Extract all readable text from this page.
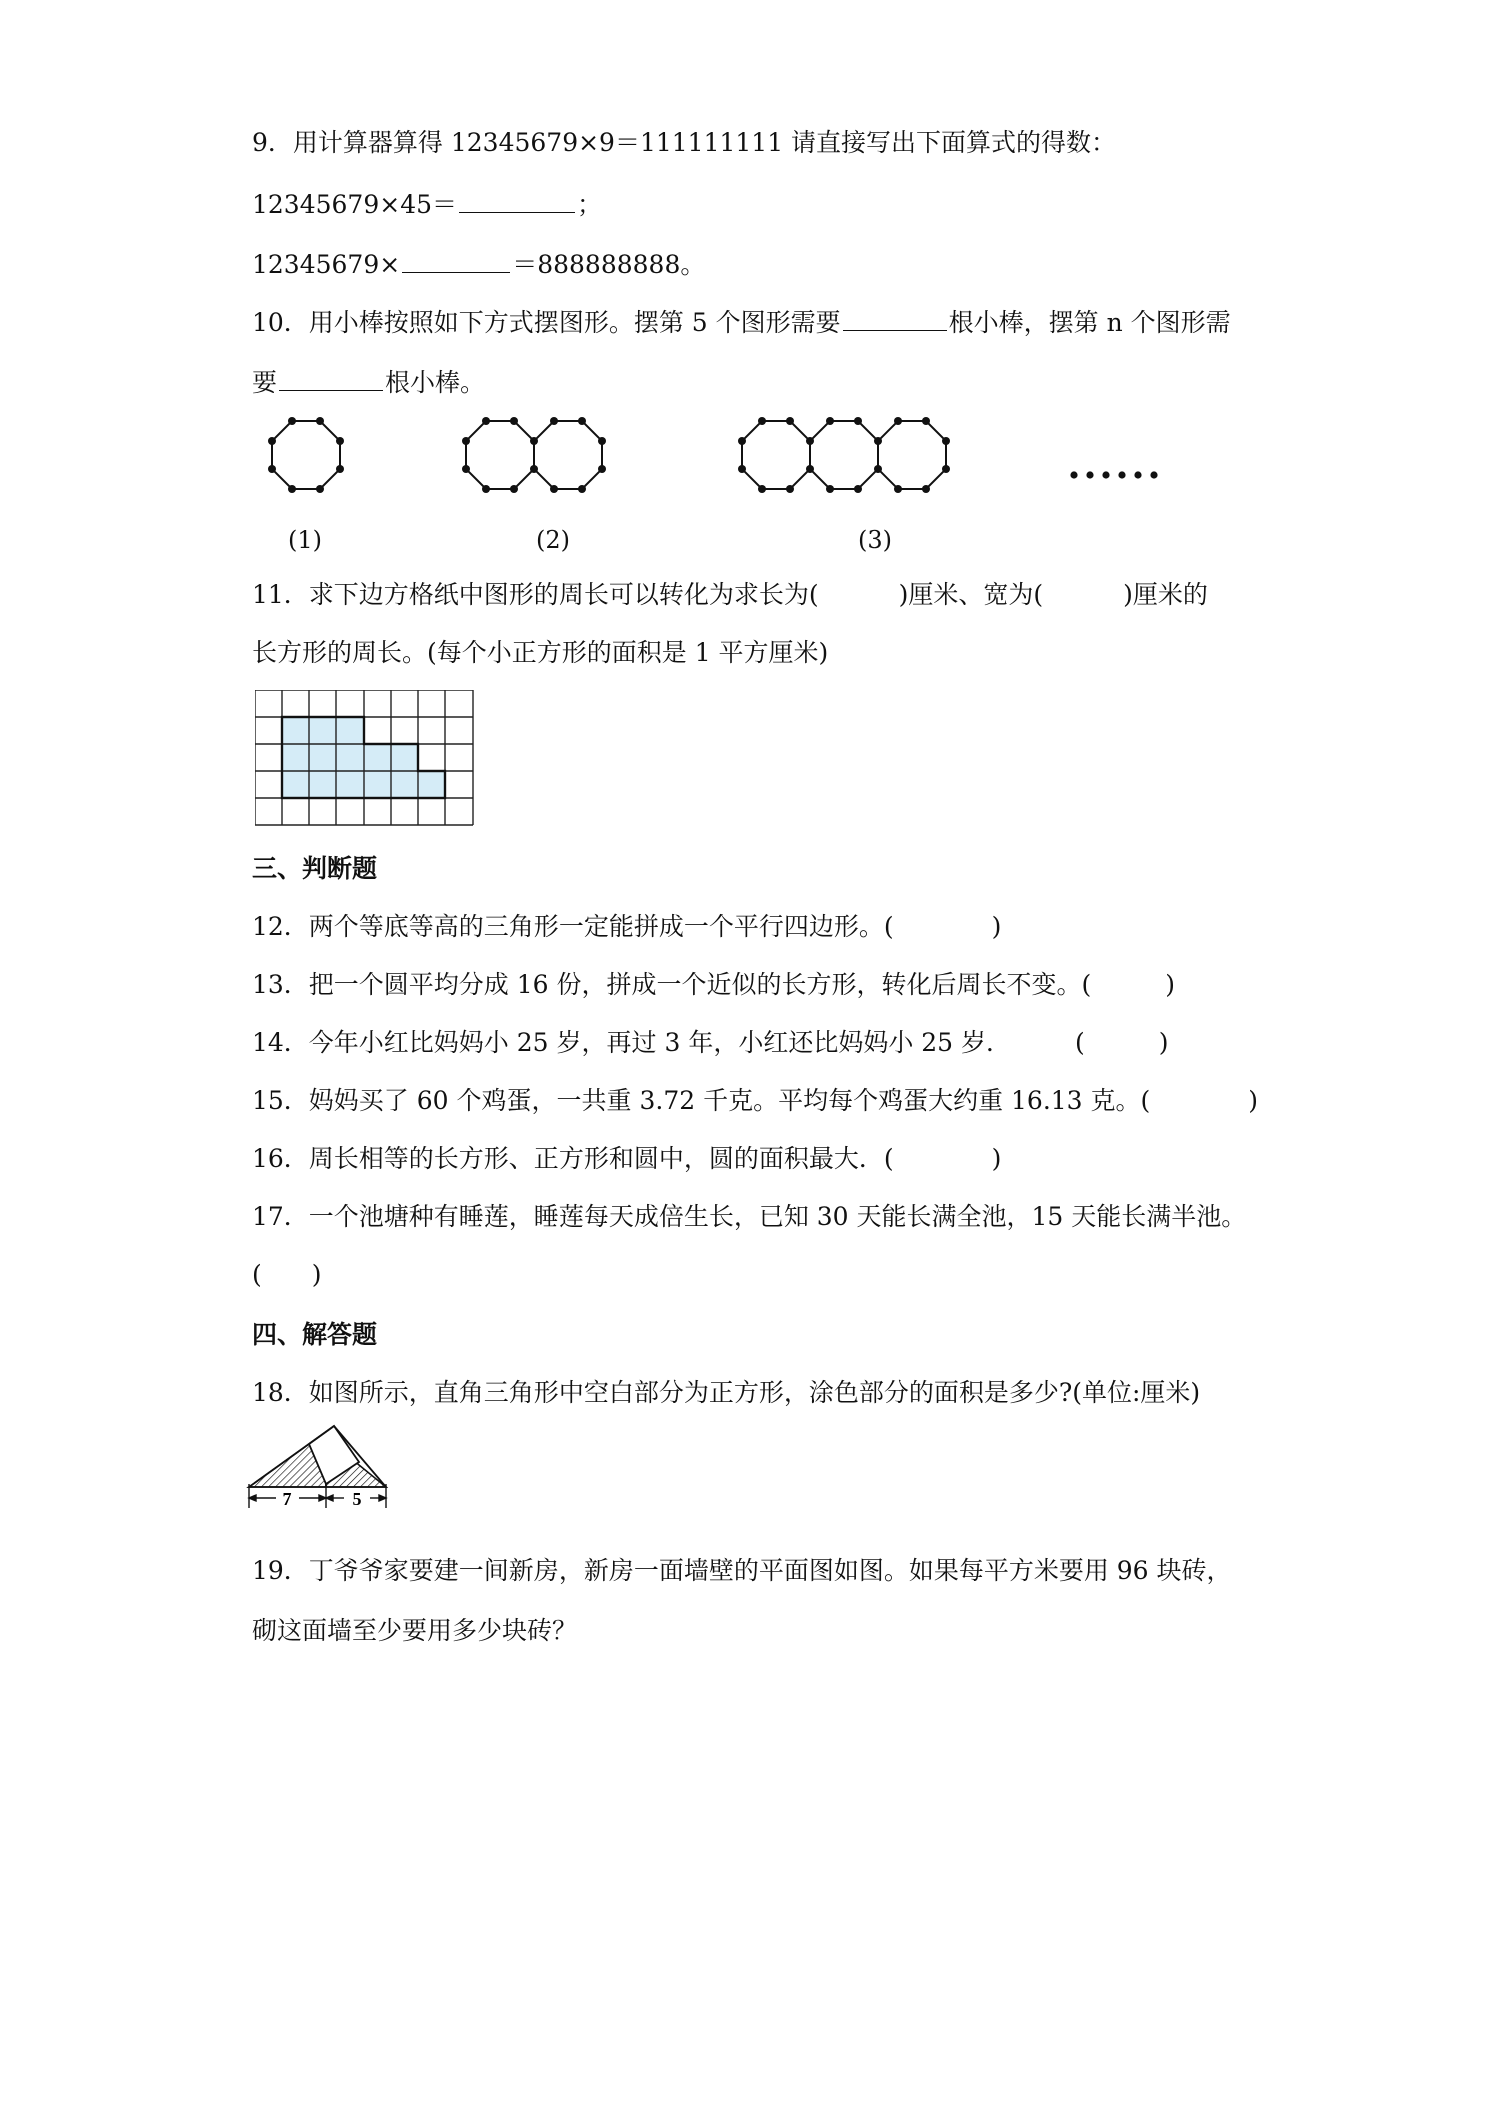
9．用计算器算得 12345679×9＝111111111 请直接写出下面算式的得数：
12345679×45＝	；
12345679×	＝888888888。
10．用小棒按照如下方式摆图形。摆第 5 个图形需要	根小棒，摆第 n 个图形需
要	根小棒。
(1)	(2)	(3)
11．求下边方格纸中图形的周长可以转化为求长为(	)厘米、宽为(	)厘米的
长方形的周长。(每个小正方形的面积是 1 平方厘米)
三、判断题
12．两个等底等高的三角形一定能拼成一个平行四边形。(	)
13．把一个圆平均分成 16 份，拼成一个近似的长方形，转化后周长不变。(	)
14．今年小红比妈妈小 25 岁，再过 3 年，小红还比妈妈小 25 岁．	(	)
15．妈妈买了 60 个鸡蛋，一共重 3.72 千克。平均每个鸡蛋大约重 16.13 克。(	)
16．周长相等的长方形、正方形和圆中，圆的面积最大．(	)
17．一个池塘种有睡莲，睡莲每天成倍生长，已知 30 天能长满全池，15 天能长满半池。
( )
四、解答题
18．如图所示，直角三角形中空白部分为正方形，涂色部分的面积是多少?(单位:厘米)
7	5
19．丁爷爷家要建一间新房，新房一面墙壁的平面图如图。如果每平方米要用 96 块砖，
砌这面墙至少要用多少块砖？
